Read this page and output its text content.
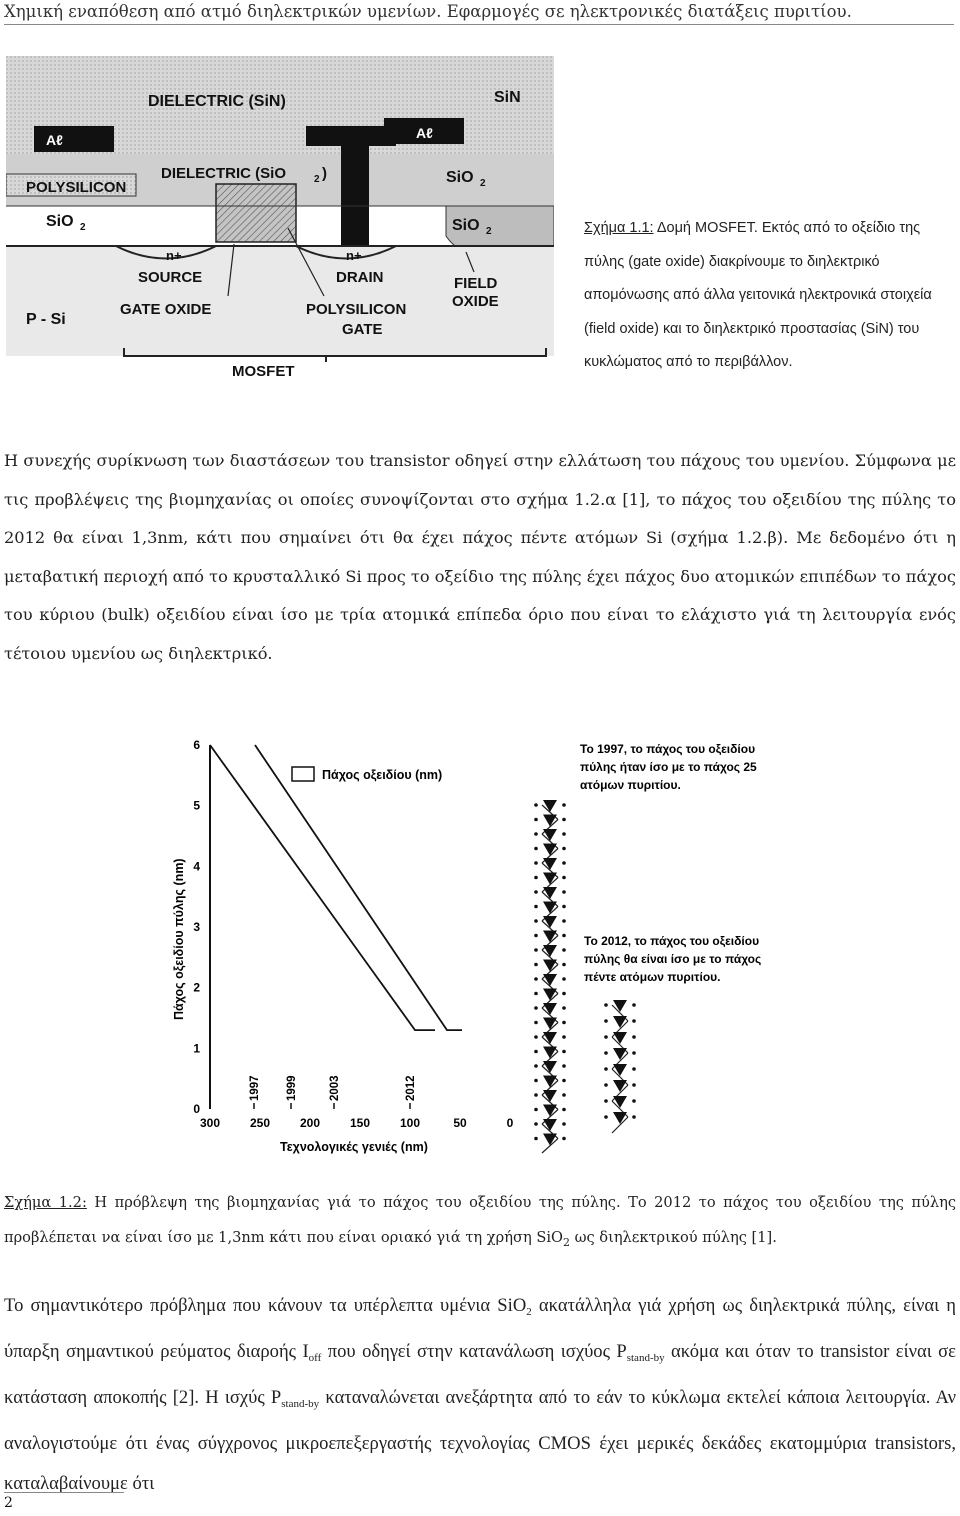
Χημική εναπόθεση από ατμό διηλεκτρικών υμενίων. Εφαρμογές σε ηλεκτρονικές διατάξεις πυριτίου.
DIELECTRIC (SiN)	SiN
Aℓ	Aℓ
POLYSILICON
DIELECTRIC (SiO	2 )	SiO 2
SiO 2	SiO 2
n+	n+
SOURCE	DRAIN	FIELD
OXIDE
P - Si
GATE OXIDE	POLYSILICON
GATE
MOSFET
Σχήμα 1.1: Δομή MOSFET. Εκτός από το οξείδιο της πύλης (gate oxide) διακρίνουμε το διηλεκτρικό απομόνωσης από άλλα γειτονικά ηλεκτρονικά στοιχεία (field oxide) και το διηλεκτρικό προστασίας (SiN) του κυκλώματος από το περιβάλλον.
Η συνεχής συρίκνωση των διαστάσεων του transistor οδηγεί στην ελλάτωση του πάχους του υμενίου. Σύμφωνα με τις προβλέψεις της βιομηχανίας οι οποίες συνοψίζονται στο σχήμα 1.2.α [1], το πάχος του οξειδίου της πύλης το 2012 θα είναι 1,3nm, κάτι που σημαίνει ότι θα έχει πάχος πέντε ατόμων Si (σχήμα 1.2.β). Με δεδομένο ότι η μεταβατική περιοχή από το κρυσταλλικό Si προς το οξείδιο της πύλης έχει πάχος δυο ατομικών επιπέδων το πάχος του κύριου (bulk) οξειδίου είναι ίσο με τρία ατομικά επίπεδα όριο που είναι το ελάχιστο γιά τη λειτουργία ενός τέτοιου υμενίου ως διηλεκτρικό.
0
1
2
3
4
5
6
300 250 200 150 100	50	0
1997 1999	2003	2012
Πάχος οξειδίου (nm)
Πάχος οξειδίου πύλης (nm)
Τεχνολογικές γενιές (nm)
Το 1997, το πάχος του οξειδίου
πύλης ήταν ίσο με το πάχος 25
ατόμων πυριτίου.
Το 2012, το πάχος του οξειδίου
πύλης θα είναι ίσο με το πάχος
πέντε ατόμων πυριτίου.
Σχήμα 1.2: Η πρόβλεψη της βιομηχανίας γιά το πάχος του οξειδίου της πύλης. Το 2012 το πάχος του οξειδίου της πύλης προβλέπεται να είναι ίσο με 1,3nm κάτι που είναι οριακό γιά τη χρήση SiO$_2$ ως διηλεκτρικού πύλης [1].
Το σημαντικότερο πρόβλημα που κάνουν τα υπέρλεπτα υμένια SiO$_2$ ακατάλληλα γιά χρήση ως διηλεκτρικά πύλης, είναι η ύπαρξη σημαντικού ρεύματος διαροής $I_{off}$ που οδηγεί στην κατανάλωση ισχύος $P_{stand-by}$ ακόμα και όταν το transistor είναι σε κατάσταση αποκοπής [2]. Η ισχύς $P_{stand-by}$ καταναλώνεται ανεξάρτητα από το εάν το κύκλωμα εκτελεί κάποια λειτουργία. Αν αναλογιστούμε ότι ένας σύγχρονος μικροεπεξεργαστής τεχνολογίας CMOS έχει μερικές δεκάδες εκατομμύρια transistors, καταλαβαίνουμε ότι
2
